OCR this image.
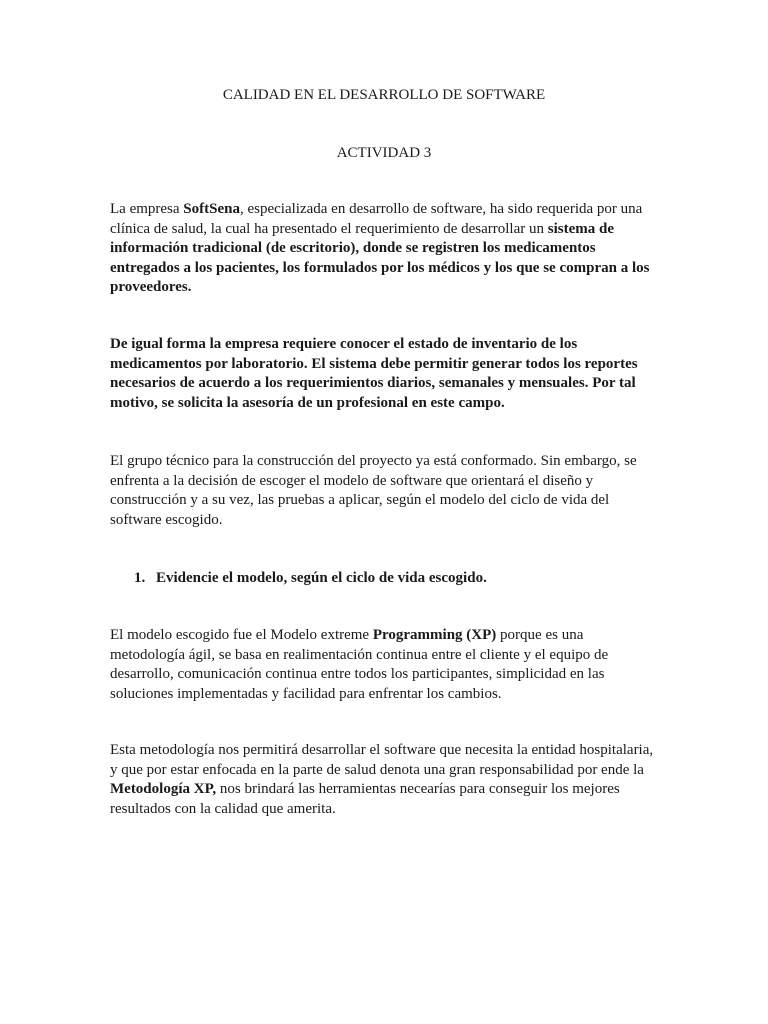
CALIDAD EN EL DESARROLLO DE SOFTWARE
ACTIVIDAD 3

La empresa SoftSena, especializada en desarrollo de software, ha sido requerida por una clínica de salud, la cual ha presentado el requerimiento de desarrollar un sistema de información tradicional (de escritorio), donde se registren los medicamentos entregados a los pacientes, los formulados por los médicos y los que se compran a los proveedores.

De igual forma la empresa requiere conocer el estado de inventario de los medicamentos por laboratorio. El sistema debe permitir generar todos los reportes necesarios de acuerdo a los requerimientos diarios, semanales y mensuales. Por tal motivo, se solicita la asesoría de un profesional en este campo.

El grupo técnico para la construcción del proyecto ya está conformado. Sin embargo, se enfrenta a la decisión de escoger el modelo de software que orientará el diseño y construcción y a su vez, las pruebas a aplicar, según el modelo del ciclo de vida del software escogido.

1. Evidencie el modelo, según el ciclo de vida escogido.

El modelo escogido fue el Modelo extreme Programming (XP) porque es una metodología ágil, se basa en realimentación continua entre el cliente y el equipo de desarrollo, comunicación continua entre todos los participantes, simplicidad en las soluciones implementadas y facilidad para enfrentar los cambios.

Esta metodología nos permitirá desarrollar el software que necesita la entidad hospitalaria, y que por estar enfocada en la parte de salud denota una gran responsabilidad por ende la Metodología XP, nos brindará las herramientas necearías para conseguir los mejores resultados con la calidad que amerita.
